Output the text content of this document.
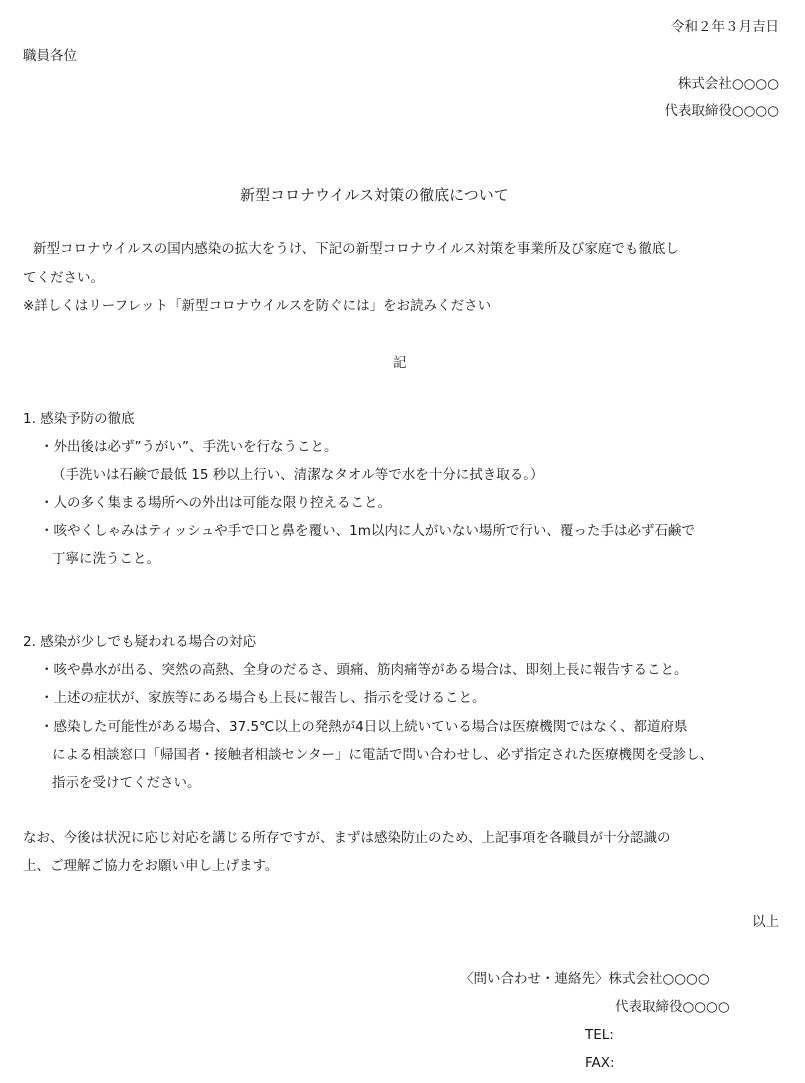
令和２年３月吉日
職員各位
株式会社○○○○
代表取締役○○○○
新型コロナウイルス対策の徹底について
新型コロナウイルスの国内感染の拡大をうけ、下記の新型コロナウイルス対策を事業所及び家庭でも徹底し
てください。
※詳しくはリーフレット「新型コロナウイルスを防ぐには」をお読みください
記
1. 感染予防の徹底
・外出後は必ず”うがい”、手洗いを行なうこと。
（手洗いは石鹸で最低 15 秒以上行い、清潔なタオル等で水を十分に拭き取る。）
・人の多く集まる場所への外出は可能な限り控えること。
・咳やくしゃみはティッシュや手で口と鼻を覆い、1m以内に人がいない場所で行い、覆った手は必ず石鹸で
丁寧に洗うこと。
2. 感染が少しでも疑われる場合の対応
・咳や鼻水が出る、突然の高熱、全身のだるさ、頭痛、筋肉痛等がある場合は、即刻上長に報告すること。
・上述の症状が、家族等にある場合も上長に報告し、指示を受けること。
・感染した可能性がある場合、37.5℃以上の発熱が4日以上続いている場合は医療機関ではなく、都道府県
による相談窓口「帰国者・接触者相談センター」に電話で問い合わせし、必ず指定された医療機関を受診し、
指示を受けてください。
なお、今後は状況に応じ対応を講じる所存ですが、まずは感染防止のため、上記事項を各職員が十分認識の
上、ご理解ご協力をお願い申し上げます。
以上
〈問い合わせ・連絡先〉株式会社○○○○
代表取締役○○○○
TEL:
FAX:
